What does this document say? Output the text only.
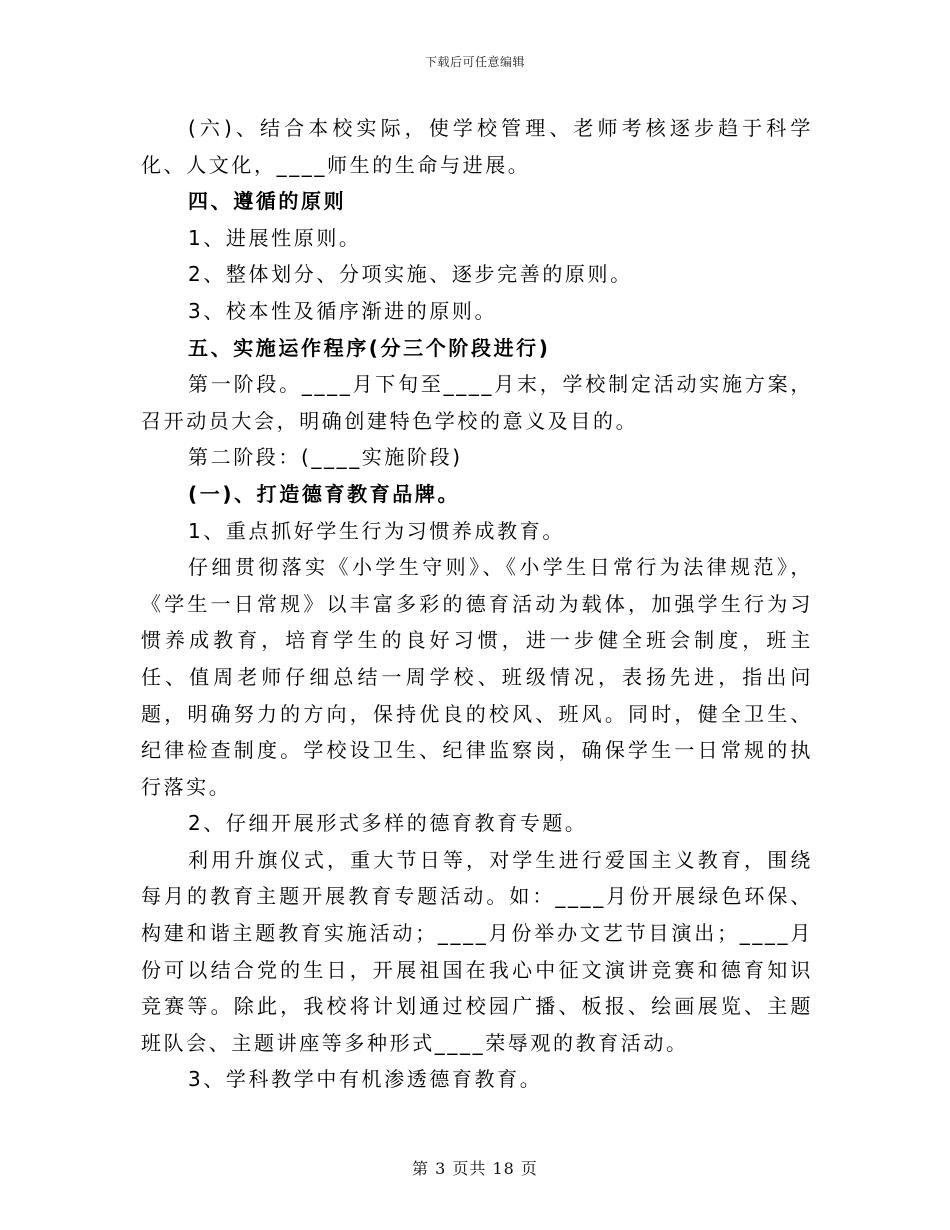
下载后可任意编辑

(六)、结合本校实际，使学校管理、老师考核逐步趋于科学化、人文化，____师生的生命与进展。

四、遵循的原则

1、进展性原则。

2、整体划分、分项实施、逐步完善的原则。

3、校本性及循序渐进的原则。

五、实施运作程序(分三个阶段进行)

第一阶段。____月下旬至____月末，学校制定活动实施方案，召开动员大会，明确创建特色学校的意义及目的。

第二阶段：(____实施阶段)

(一)、打造德育教育品牌。

1、重点抓好学生行为习惯养成教育。

仔细贯彻落实《小学生守则》、《小学生日常行为法律规范》，《学生一日常规》以丰富多彩的德育活动为载体，加强学生行为习惯养成教育，培育学生的良好习惯，进一步健全班会制度，班主任、值周老师仔细总结一周学校、班级情况，表扬先进，指出问题，明确努力的方向，保持优良的校风、班风。同时，健全卫生、纪律检查制度。学校设卫生、纪律监察岗，确保学生一日常规的执行落实。

2、仔细开展形式多样的德育教育专题。

利用升旗仪式，重大节日等，对学生进行爱国主义教育，围绕每月的教育主题开展教育专题活动。如：____月份开展绿色环保、构建和谐主题教育实施活动；____月份举办文艺节目演出；____月份可以结合党的生日，开展祖国在我心中征文演讲竞赛和德育知识竞赛等。除此，我校将计划通过校园广播、板报、绘画展览、主题班队会、主题讲座等多种形式____荣辱观的教育活动。

3、学科教学中有机渗透德育教育。

第 3 页共 18 页
